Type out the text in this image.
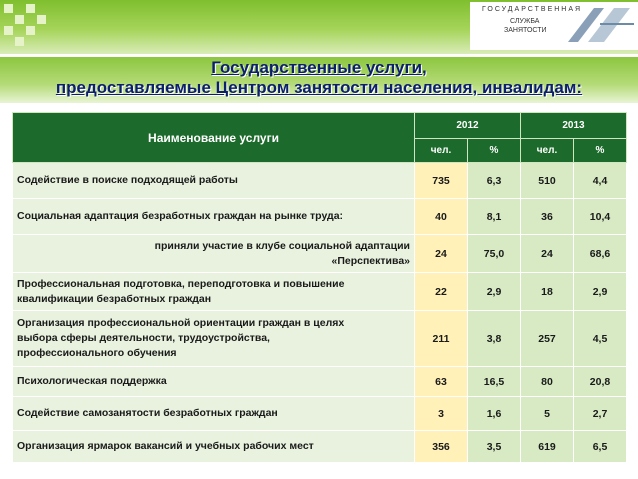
ГОСУДАРСТВЕННАЯ
СЛУЖБА
ЗАНЯТОСТИ
Государственные услуги,
предоставляемые Центром занятости населения, инвалидам:
Наименование услуги	2012		2013	
	чел.	%	чел.	%
Содействие в поиске подходящей работы	735	6,3	510	4,4
Социальная адаптация безработных граждан на рынке труда:	40	8,1	36	10,4

приняли участие в клубе социальной адаптации
«Перспектива»	24	75,0	24	68,6

Профессиональная подготовка, переподготовка и повышение
квалификации безработных граждан	22	2,9	18	2,9

Организация профессиональной ориентации граждан в целях
выбора сферы деятельности, трудоустройства,
профессионального обучения	211	3,8	257	4,5
Психологическая поддержка	63	16,5	80	20,8
Содействие самозанятости безработных граждан	3	1,6	5	2,7
Организация ярмарок вакансий и учебных рабочих мест	356	3,5	619	6,5
